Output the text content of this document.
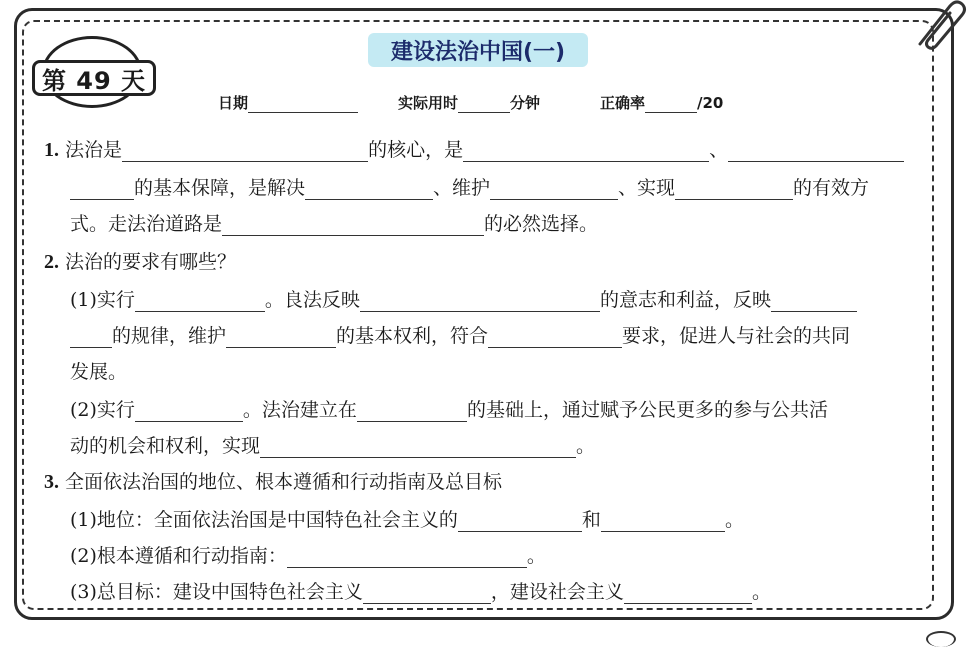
第 49 天
建设法治中国(一)
日期	实际用时	分钟	正确率	/20
1. 法治是	的核心，是	、
的基本保障，是解决	、维护	、实现	的有效方
式。走法治道路是	的必然选择。
2. 法治的要求有哪些？
(1)实行	。良法反映	的意志和利益，反映
的规律，维护	的基本权利，符合	要求，促进人与社会的共同
发展。
(2)实行	。法治建立在	的基础上，通过赋予公民更多的参与公共活
动的机会和权利，实现	。
3. 全面依法治国的地位、根本遵循和行动指南及总目标
(1)地位：全面依法治国是中国特色社会主义的	和	。
(2)根本遵循和行动指南：	。
(3)总目标：建设中国特色社会主义	，建设社会主义	。
